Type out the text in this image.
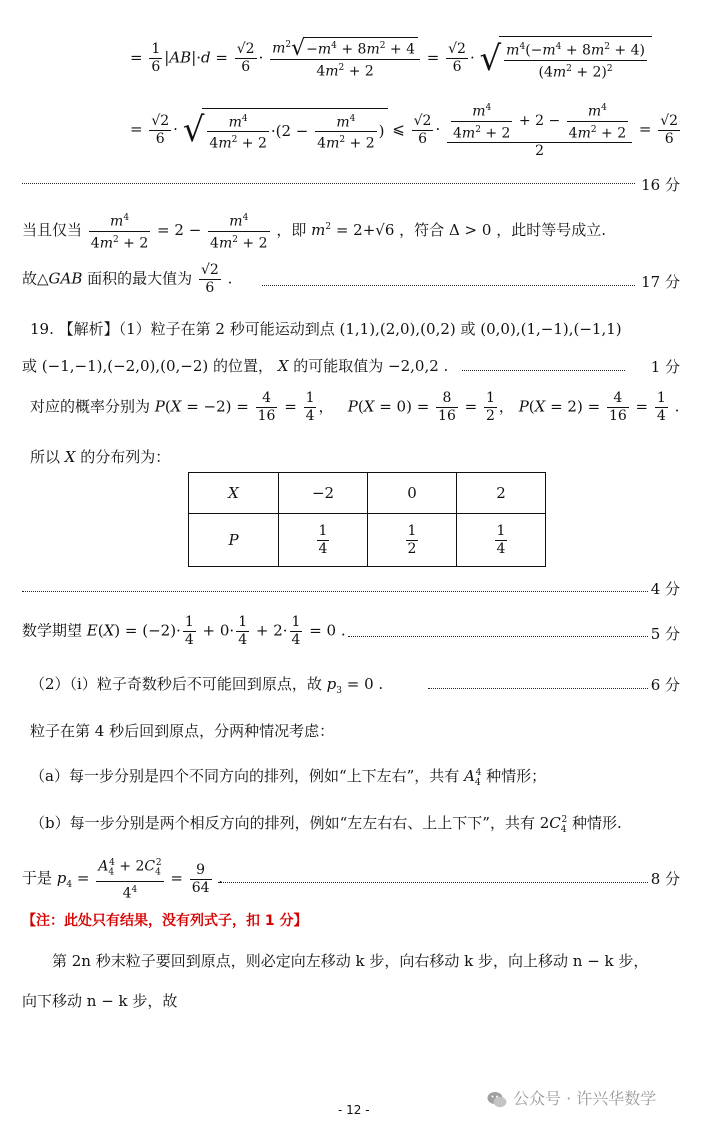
= $\frac{1}{6} |AB|\cdot d = \frac{√2}{6} \cdot \frac{m^2√-m^4 + 8m^2 + 4}{4m^2 + 2} = \frac{√2}{6}$ · √ $\frac{m^4(-m^4 + 8m^2 + 4)}{(4m^2 + 2)^2}$
= $\frac{√2}{6}$ · √ $\frac{m^4}{4m^2 + 2} \cdot(2 - \frac{m^4}{4m^2 + 2}$ ) ⩽ $\frac{√2}{6} \cdot \frac{\frac{m^4}{4m^2 + 2} + 2 - \frac{m^4}{4m^2 + 2}}{2} = \frac{√2}{6}$
16 分
当且仅当 $\frac{m^4}{4m^2 + 2} = 2 - \frac{m^4}{4m^2 + 2}$ ，即 $m^2 = 2+√6$ ，符合 Δ > 0 ，此时等号成立.
故△GAB 面积的最大值为 $\frac{√2}{6}$ .	17 分
19. 【解析】（1）粒子在第 2 秒可能运动到点 (1,1),(2,0),(0,2) 或 (0,0),(1,−1),(−1,1)
或 (−1,−1),(−2,0),(0,−2) 的位置， X 的可能取值为 −2,0,2 .	1 分
对应的概率分别为 $P(X = -2) = \frac{4}{16} = \frac{1}{4}$ ，   $P(X = 0) = \frac{8}{16} = \frac{1}{2}$ ， $P(X = 2) = \frac{4}{16} = \frac{1}{4}$ .
所以 X 的分布列为：
X	−2	0	2
P	$\frac{1}{4}$	$\frac{1}{2}$	$\frac{1}{4}$
4 分
数学期望 $E(X) = (-2)\cdot \frac{1}{4} + 0\cdot \frac{1}{4} + 2\cdot \frac{1}{4} = 0$ .	5 分
（2）（i）粒子奇数秒后不可能回到原点，故 $p_3 = 0$ .	6 分
粒子在第 4 秒后回到原点，分两种情况考虑：
（a）每一步分别是四个不同方向的排列，例如“上下左右”，共有 $A_4^4$ 种情形；
（b）每一步分别是两个相反方向的排列，例如“左左右右、上上下下”，共有 $2C_4^2$ 种情形.
于是 $p_4 = \frac{A_4^4 + 2C_4^2}{4^4} = \frac{9}{64}$ .	8 分
【注：此处只有结果，没有列式子，扣 1 分】
第 2n 秒末粒子要回到原点，则必定向左移动 k 步，向右移动 k 步，向上移动 n − k 步，
向下移动 n − k 步，故
- 12 -
公众号 · 许兴华数学
